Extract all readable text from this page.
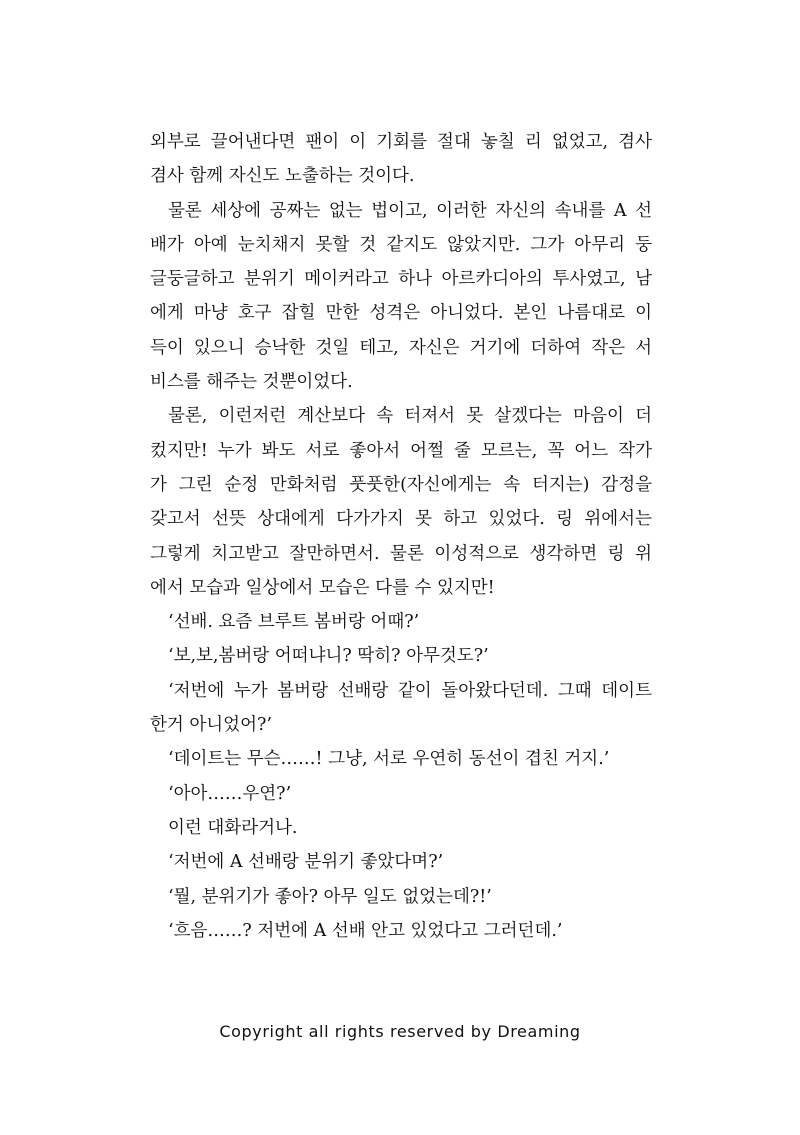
외부로 끌어낸다면 팬이 이 기회를 절대 놓칠 리 없었고, 겸사
겸사 함께 자신도 노출하는 것이다.
물론 세상에 공짜는 없는 법이고, 이러한 자신의 속내를 A 선
배가 아예 눈치채지 못할 것 같지도 않았지만. 그가 아무리 둥
글둥글하고 분위기 메이커라고 하나 아르카디아의 투사였고, 남
에게 마냥 호구 잡힐 만한 성격은 아니었다. 본인 나름대로 이
득이 있으니 승낙한 것일 테고, 자신은 거기에 더하여 작은 서
비스를 해주는 것뿐이었다.
물론, 이런저런 계산보다 속 터져서 못 살겠다는 마음이 더
컸지만! 누가 봐도 서로 좋아서 어쩔 줄 모르는, 꼭 어느 작가
가 그린 순정 만화처럼 풋풋한(자신에게는 속 터지는) 감정을
갖고서 선뜻 상대에게 다가가지 못 하고 있었다. 링 위에서는
그렇게 치고받고 잘만하면서. 물론 이성적으로 생각하면 링 위
에서 모습과 일상에서 모습은 다를 수 있지만!
‘선배. 요즘 브루트 봄버랑 어때?’
‘보,보,봄버랑 어떠냐니? 딱히? 아무것도?’
‘저번에 누가 봄버랑 선배랑 같이 돌아왔다던데. 그때 데이트
한거 아니었어?’
‘데이트는 무슨……! 그냥, 서로 우연히 동선이 겹친 거지.’
‘아아……우연?’
이런 대화라거나.
‘저번에 A 선배랑 분위기 좋았다며?’
‘뭘, 분위기가 좋아? 아무 일도 없었는데?!’
‘흐음……? 저번에 A 선배 안고 있었다고 그러던데.’
Copyright all rights reserved by Dreaming
